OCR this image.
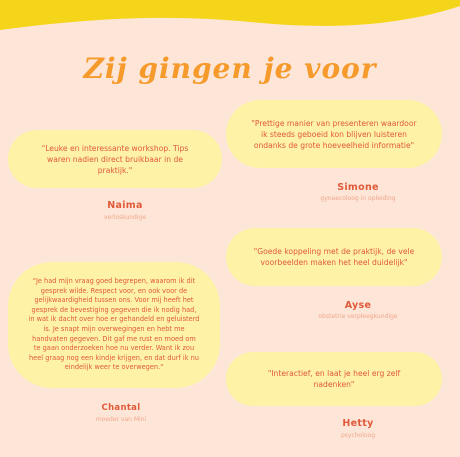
Zij gingen je voor
"Prettige manier van presenteren waardoor ik steeds geboeid kon blijven luisteren ondanks de grote hoeveelheid informatie"
Simone
gynaecoloog in opleiding
"Leuke en interessante workshop. Tips waren nadien direct bruikbaar in de praktijk."
Naima
verloskundige
"Goede koppeling met de praktijk, de vele voorbeelden maken het heel duidelijk"
Ayse
obstetrie verpleegkundige
"Je had mijn vraag goed begrepen, waarom ik dit gesprek wilde. Respect voor, en ook voor de gelijkwaardigheid tussen ons. Voor mij heeft het gesprek de bevestiging gegeven die ik nodig had, in wat ik dacht over hoe er gehandeld en geluisterd is. Je snapt mijn overwegingen en hebt me handvaten gegeven. Dit gaf me rust en moed om te gaan onderzoeken hoe nu verder. Want ik zou heel graag nog een kindje krijgen, en dat durf ik nu eindelijk weer te overwegen."
Chantal
moeder van Mini
"Interactief, en laat je heel erg zelf nadenken"
Hetty
psycholoog
